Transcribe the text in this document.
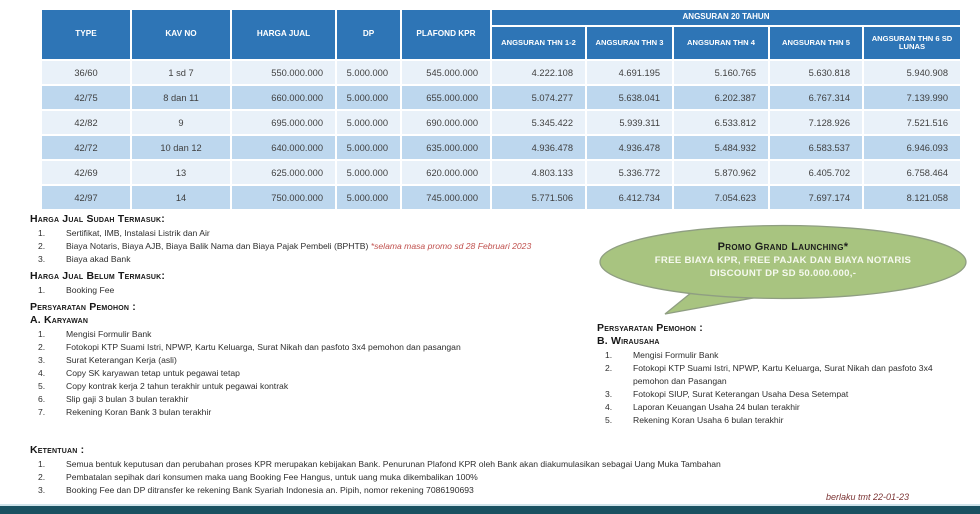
TYPE	KAV NO	HARGA JUAL	DP	PLAFOND KPR	ANGSURAN 20 TAHUN				
					ANGSURAN THN 1-2	ANGSURAN THN 3	ANGSURAN THN 4	ANGSURAN THN 5	ANGSURAN THN 6 SD LUNAS
36/60	1 sd 7	550.000.000	5.000.000	545.000.000	4.222.108	4.691.195	5.160.765	5.630.818	5.940.908
42/75	8 dan 11	660.000.000	5.000.000	655.000.000	5.074.277	5.638.041	6.202.387	6.767.314	7.139.990
42/82	9	695.000.000	5.000.000	690.000.000	5.345.422	5.939.311	6.533.812	7.128.926	7.521.516
42/72	10 dan 12	640.000.000	5.000.000	635.000.000	4.936.478	4.936.478	5.484.932	6.583.537	6.946.093
42/69	13	625.000.000	5.000.000	620.000.000	4.803.133	5.336.772	5.870.962	6.405.702	6.758.464
42/97	14	750.000.000	5.000.000	745.000.000	5.771.506	6.412.734	7.054.623	7.697.174	8.121.058
Harga Jual Sudah Termasuk:
1.	Sertifikat, IMB, Instalasi Listrik dan Air
2.	Biaya Notaris, Biaya AJB, Biaya Balik Nama dan Biaya Pajak Pembeli (BPHTB) *selama masa promo sd 28 Februari 2023
3.	Biaya akad Bank
Harga Jual Belum Termasuk:
1.	Booking Fee
Persyaratan Pemohon :
A. Karyawan
1.	Mengisi Formulir Bank
2.	Fotokopi KTP Suami Istri, NPWP, Kartu Keluarga, Surat Nikah dan pasfoto 3x4 pemohon dan pasangan
3.	Surat Keterangan Kerja (asli)
4.	Copy SK karyawan tetap untuk pegawai tetap
5.	Copy kontrak kerja 2 tahun terakhir untuk pegawai kontrak
6.	Slip gaji 3 bulan 3 bulan terakhir
7.	Rekening Koran Bank 3 bulan terakhir
Promo Grand Launching*
FREE BIAYA KPR, FREE PAJAK DAN BIAYA NOTARIS
DISCOUNT DP SD 50.000.000,-
Persyaratan Pemohon :
B. Wirausaha
1.	Mengisi Formulir Bank
2.	Fotokopi KTP Suami Istri, NPWP, Kartu Keluarga, Surat Nikah dan pasfoto 3x4 pemohon dan Pasangan
3.	Fotokopi SIUP, Surat Keterangan Usaha Desa Setempat
4.	Laporan Keuangan Usaha 24 bulan terakhir
5.	Rekening Koran Usaha 6 bulan terakhir
Ketentuan :
1.	Semua bentuk keputusan dan perubahan proses KPR merupakan kebijakan Bank. Penurunan Plafond KPR oleh Bank akan diakumulasikan sebagai Uang Muka Tambahan
2.	Pembatalan sepihak dari konsumen maka uang Booking Fee Hangus, untuk uang muka dikembalikan 100%
3.	Booking Fee dan DP ditransfer ke rekening Bank Syariah Indonesia an. Pipih, nomor rekening 7086190693
berlaku tmt 22-01-23
